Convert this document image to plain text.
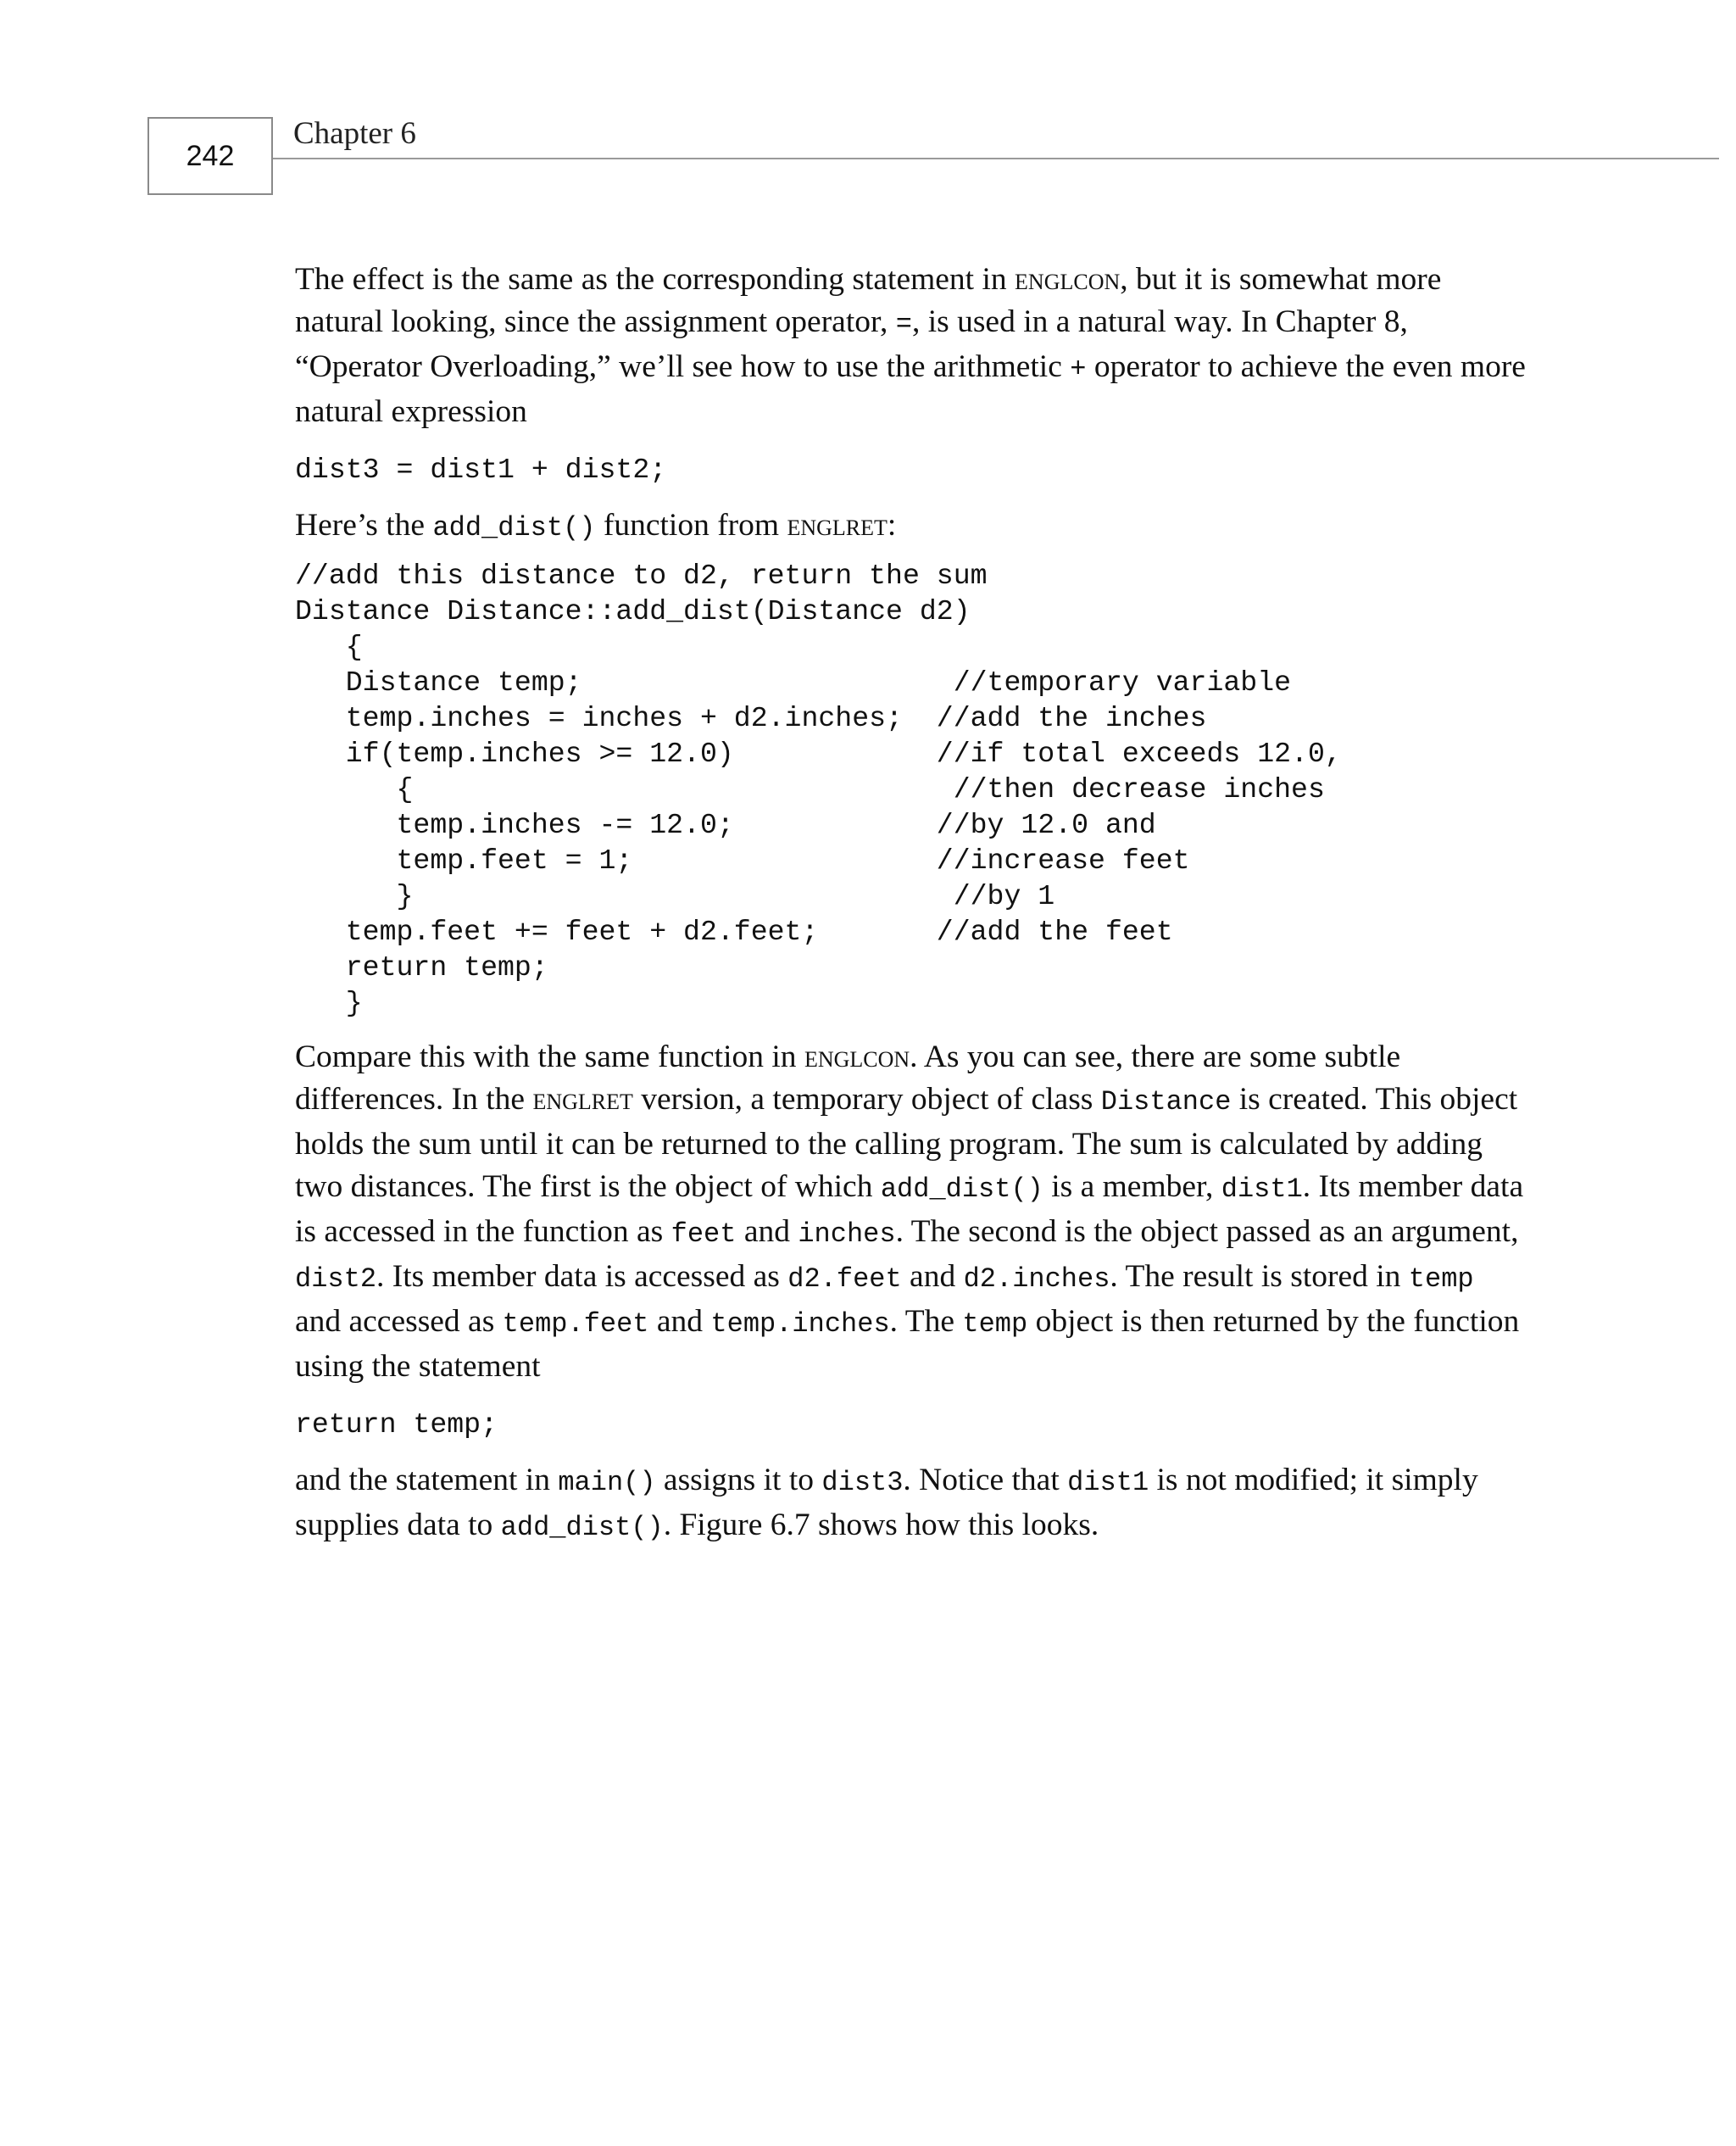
242
Chapter 6

The effect is the same as the corresponding statement in englcon, but it is somewhat more natural looking, since the assignment operator, =, is used in a natural way. In Chapter 8, “Operator Overloading,” we’ll see how to use the arithmetic + operator to achieve the even more natural expression

dist3 = dist1 + dist2;

Here’s the add_dist() function from englret:

//add this distance to d2, return the sum
Distance Distance::add_dist(Distance d2)
{
Distance temp;                      //temporary variable
temp.inches = inches + d2.inches;  //add the inches
if(temp.inches >= 12.0)            //if total exceeds 12.0,
{                                //then decrease inches
temp.inches -= 12.0;            //by 12.0 and
temp.feet = 1;                  //increase feet
}                                //by 1
temp.feet += feet + d2.feet;       //add the feet
return temp;
}

Compare this with the same function in englcon. As you can see, there are some subtle differences. In the englret version, a temporary object of class Distance is created. This object holds the sum until it can be returned to the calling program. The sum is calculated by adding two distances. The first is the object of which add_dist() is a member, dist1. Its member data is accessed in the function as feet and inches. The second is the object passed as an argument, dist2. Its member data is accessed as d2.feet and d2.inches. The result is stored in temp and accessed as temp.feet and temp.inches. The temp object is then returned by the function using the statement

return temp;

and the statement in main() assigns it to dist3. Notice that dist1 is not modified; it simply supplies data to add_dist(). Figure 6.7 shows how this looks.
